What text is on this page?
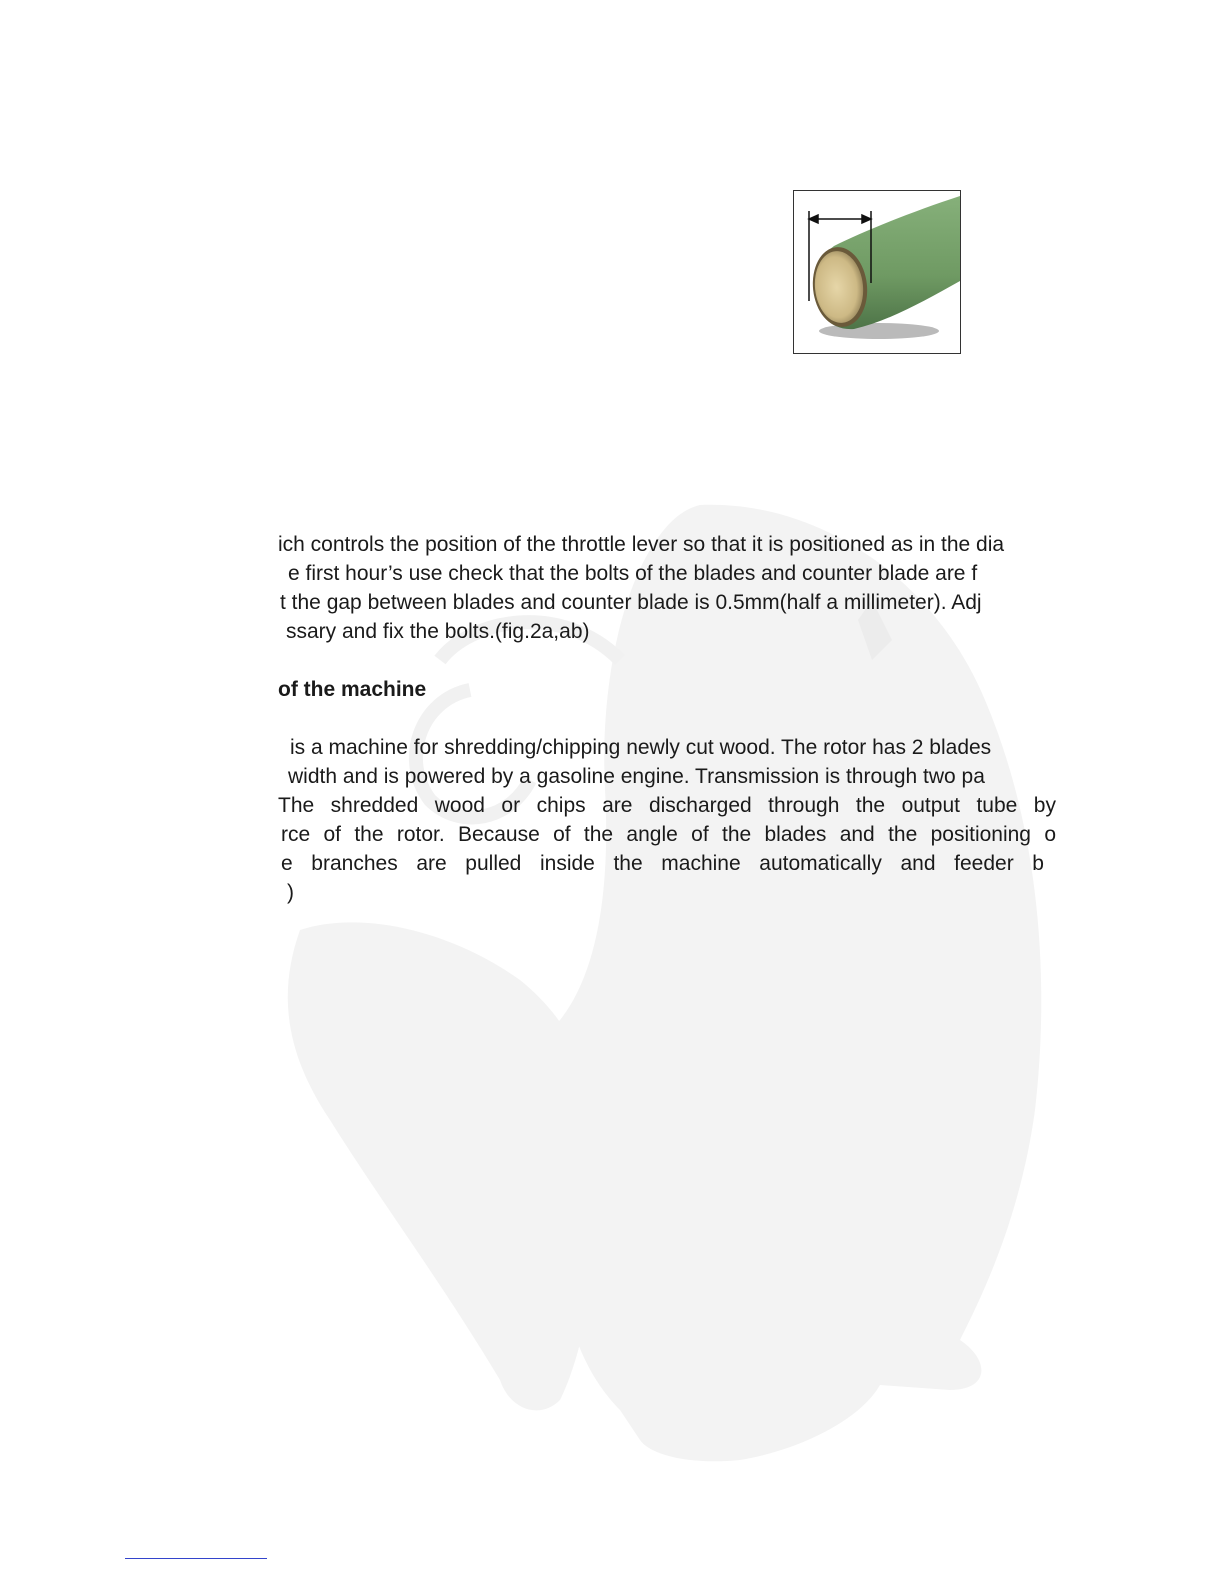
ich controls the position of the throttle lever so that it is positioned as in the dia
e first hour’s use check that the bolts of the blades and counter blade are f
t the gap between blades and counter blade is 0.5mm(half a millimeter). Adj
ssary and fix the bolts.(fig.2a,ab)
of the machine
is a machine for shredding/chipping newly cut wood. The rotor has 2 blades
width and is powered by a gasoline engine. Transmission is through two pa
The shredded wood or chips are discharged through the output tube by
rce of the rotor. Because of the angle of the blades and the positioning o
e branches are pulled inside the machine automatically and feeder b
)
